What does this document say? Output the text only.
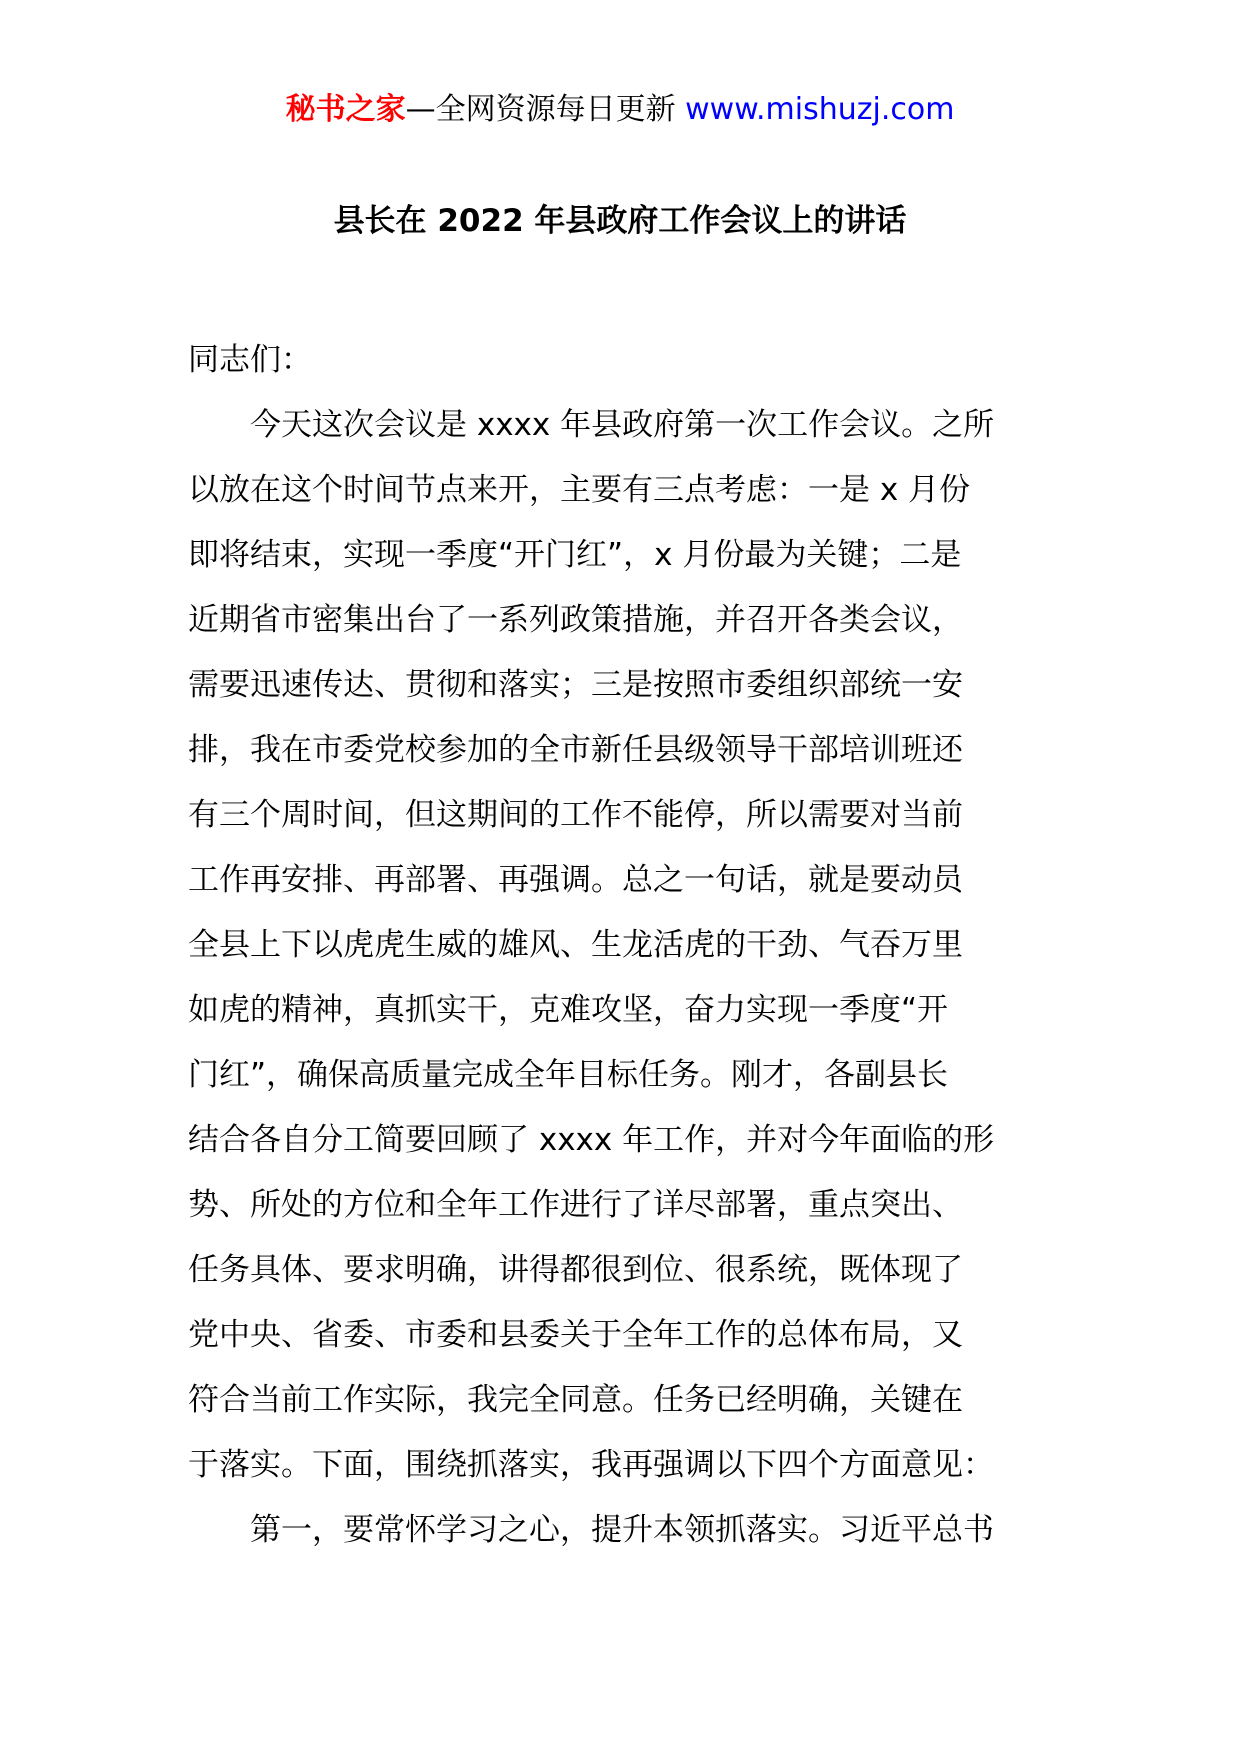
秘书之家—全网资源每日更新 www.mishuzj.com
县长在 2022 年县政府工作会议上的讲话
同志们：
今天这次会议是 xxxx 年县政府第一次工作会议。之所
以放在这个时间节点来开，主要有三点考虑：一是 x 月份
即将结束，实现一季度“开门红”，x 月份最为关键；二是
近期省市密集出台了一系列政策措施，并召开各类会议，
需要迅速传达、贯彻和落实；三是按照市委组织部统一安
排，我在市委党校参加的全市新任县级领导干部培训班还
有三个周时间，但这期间的工作不能停，所以需要对当前
工作再安排、再部署、再强调。总之一句话，就是要动员
全县上下以虎虎生威的雄风、生龙活虎的干劲、气吞万里
如虎的精神，真抓实干，克难攻坚，奋力实现一季度“开
门红”，确保高质量完成全年目标任务。刚才，各副县长
结合各自分工简要回顾了 xxxx 年工作，并对今年面临的形
势、所处的方位和全年工作进行了详尽部署，重点突出、
任务具体、要求明确，讲得都很到位、很系统，既体现了
党中央、省委、市委和县委关于全年工作的总体布局，又
符合当前工作实际，我完全同意。任务已经明确，关键在
于落实。下面，围绕抓落实，我再强调以下四个方面意见：
第一，要常怀学习之心，提升本领抓落实。习近平总书
